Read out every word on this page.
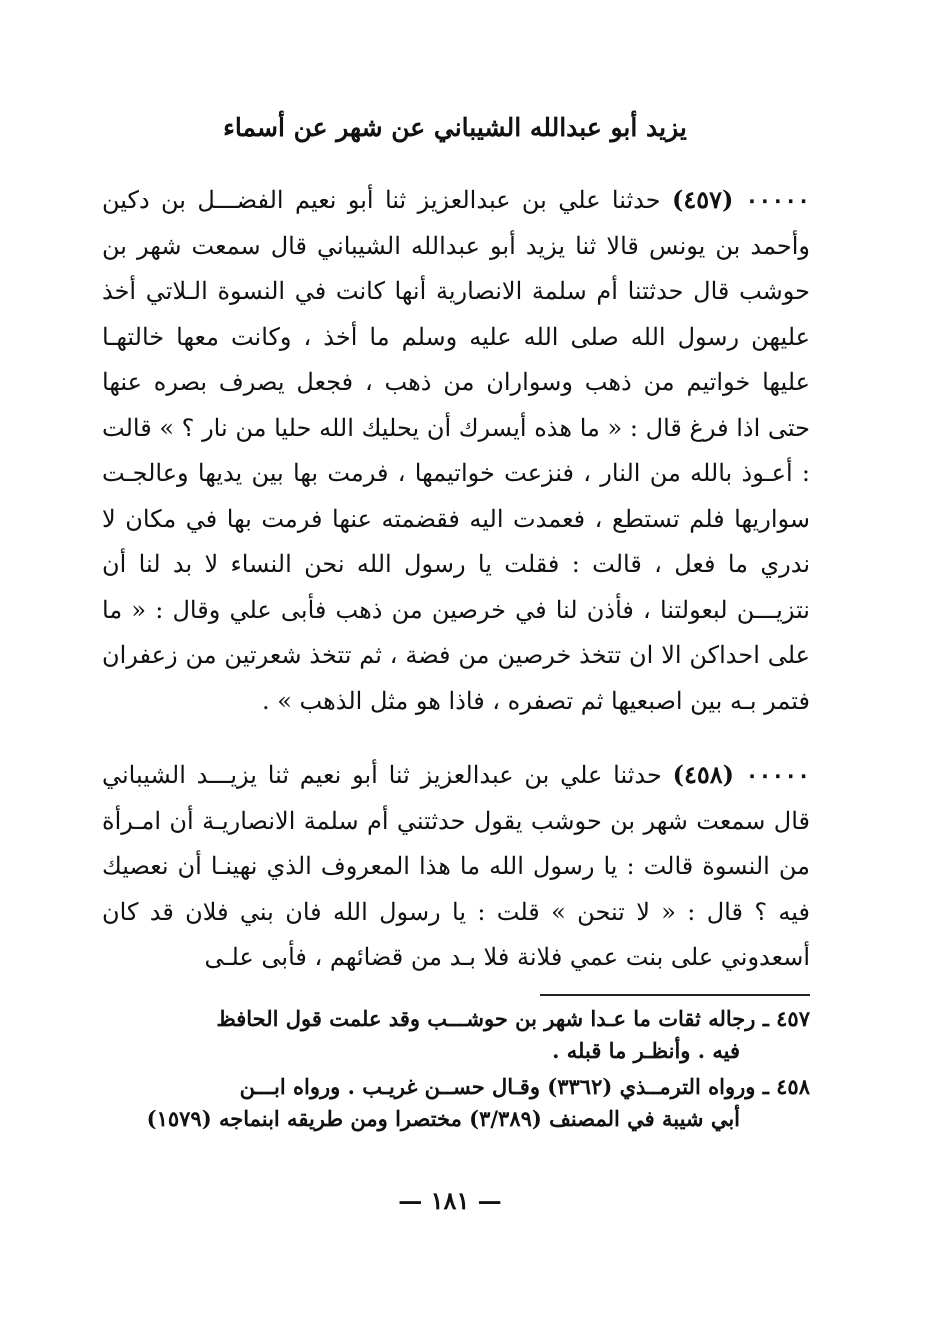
يزيد أبو عبدالله الشيباني عن شهر عن أسماء

٠٠٠٠٠ (٤٥٧) حدثنا علي بن عبدالعزيز ثنا أبو نعيم الفضـــل بن دكين وأحمد بن يونس قالا ثنا يزيد أبو عبدالله الشيباني قال سمعت شهر بن حوشب قال حدثتنا أم سلمة الانصارية أنها كانت في النسوة الـلاتي أخذ عليهن رسول الله صلى الله عليه وسلم ما أخذ ، وكانت معها خالتهـا عليها خواتيم من ذهب وسواران من ذهب ، فجعل يصرف بصره عنها حتى اذا فرغ قال : « ما هذه أيسرك أن يحليك الله حليا من نار ؟ » قالت : أعـوذ بالله من النار ، فنزعت خواتيمها ، فرمت بها بين يديها وعالجـت سواريها فلم تستطع ، فعمدت اليه فقضمته عنها فرمت بها في مكان لا ندري ما فعل ، قالت : فقلت يا رسول الله نحن النساء لا بد لنا أن نتزيـــن لبعولتنا ، فأذن لنا في خرصين من ذهب فأبى علي وقال : « ما على احداكن الا ان تتخذ خرصين من فضة ، ثم تتخذ شعرتين من زعفران فتمر بـه بين اصبعيها ثم تصفره ، فاذا هو مثل الذهب » .

٠٠٠٠٠ (٤٥٨) حدثنا علي بن عبدالعزيز ثنا أبو نعيم ثنا يزيـــد الشيباني قال سمعت شهر بن حوشب يقول حدثتني أم سلمة الانصاريـة أن امـرأة من النسوة قالت : يا رسول الله ما هذا المعروف الذي نهينـا أن نعصيك فيه ؟ قال : « لا تنحن » قلت : يا رسول الله فان بني فلان قد كان أسعدوني على بنت عمي فلانة فلا بـد من قضائهم ، فأبى علـى

٤٥٧ ـ رجاله ثقات ما عـدا شهر بن حوشـــب وقد علمت قول الحافظ
فيه . وأنظـر ما قبله .

٤٥٨ ـ ورواه الترمــذي (٣٣٦٢) وقـال حســن غريـب . ورواه ابـــن
أبي شيبة في المصنف (٣/٣٨٩) مختصرا ومن طريقه ابنماجه (١٥٧٩)

— ١٨١ —
